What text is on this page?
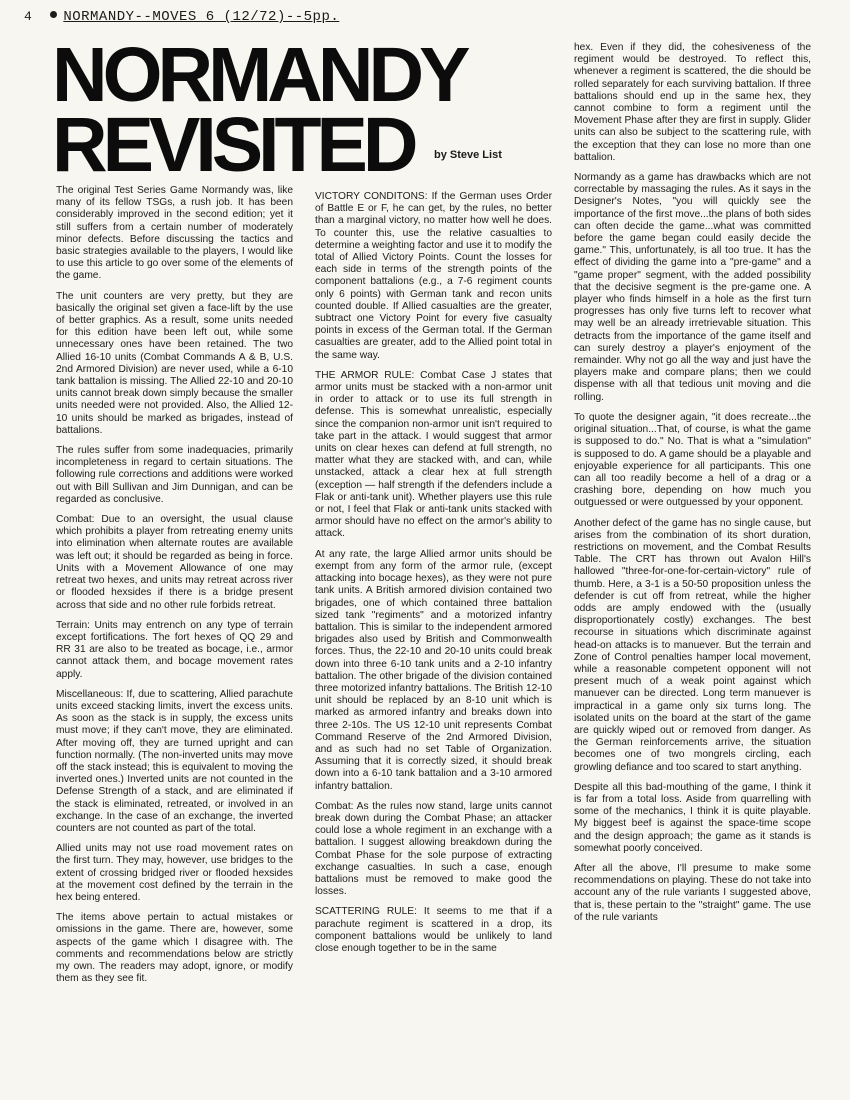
4 NORMANDY--MOVES 6 (12/72)--5pp.
NORMANDY
REVISITED	by Steve List

The original Test Series Game Normandy was, like many of its fellow TSGs, a rush job. It has been considerably improved in the second edition; yet it still suffers from a certain number of moderately minor defects. Before discussing the tactics and basic strategies available to the players, I would like to use this article to go over some of the elements of the game.

The unit counters are very pretty, but they are basically the original set given a face-lift by the use of better graphics. As a result, some units needed for this edition have been left out, while some unnecessary ones have been retained. The two Allied 16-10 units (Combat Commands A & B, U.S. 2nd Armored Division) are never used, while a 6-10 tank battalion is missing. The Allied 22-10 and 20-10 units cannot break down simply because the smaller units needed were not provided. Also, the Allied 12-10 units should be marked as brigades, instead of battalions.

The rules suffer from some inadequacies, primarily incompleteness in regard to certain situations. The following rule corrections and additions were worked out with Bill Sullivan and Jim Dunnigan, and can be regarded as conclusive.

Combat: Due to an oversight, the usual clause which prohibits a player from retreating enemy units into elimination when alternate routes are available was left out; it should be regarded as being in force. Units with a Movement Allowance of one may retreat two hexes, and units may retreat across river or flooded hexsides if there is a bridge present across that side and no other rule forbids retreat.

Terrain: Units may entrench on any type of terrain except fortifications. The fort hexes of QQ 29 and RR 31 are also to be treated as bocage, i.e., armor cannot attack them, and bocage movement rates apply.

Miscellaneous: If, due to scattering, Allied parachute units exceed stacking limits, invert the excess units. As soon as the stack is in supply, the excess units must move; if they can't move, they are eliminated. After moving off, they are turned upright and can function normally. (The non-inverted units may move off the stack instead; this is equivalent to moving the inverted ones.) Inverted units are not counted in the Defense Strength of a stack, and are eliminated if the stack is eliminated, retreated, or involved in an exchange. In the case of an exchange, the inverted counters are not counted as part of the total.

Allied units may not use road movement rates on the first turn. They may, however, use bridges to the extent of crossing bridged river or flooded hexsides at the movement cost defined by the terrain in the hex being entered.

The items above pertain to actual mistakes or omissions in the game. There are, however, some aspects of the game which I disagree with. The comments and recommendations below are strictly my own. The readers may adopt, ignore, or modify them as they see fit.

VICTORY CONDITONS: If the German uses Order of Battle E or F, he can get, by the rules, no better than a marginal victory, no matter how well he does. To counter this, use the relative casualties to determine a weighting factor and use it to modify the total of Allied Victory Points. Count the losses for each side in terms of the strength points of the component battalions (e.g., a 7-6 regiment counts only 6 points) with German tank and recon units counted double. If Allied casualties are the greater, subtract one Victory Point for every five casualty points in excess of the German total. If the German casualties are greater, add to the Allied point total in the same way.

THE ARMOR RULE: Combat Case J states that armor units must be stacked with a non-armor unit in order to attack or to use its full strength in defense. This is somewhat unrealistic, especially since the companion non-armor unit isn't required to take part in the attack. I would suggest that armor units on clear hexes can defend at full strength, no matter what they are stacked with, and can, while unstacked, attack a clear hex at full strength (exception — half strength if the defenders include a Flak or anti-tank unit). Whether players use this rule or not, I feel that Flak or anti-tank units stacked with armor should have no effect on the armor's ability to attack.

At any rate, the large Allied armor units should be exempt from any form of the armor rule, (except attacking into bocage hexes), as they were not pure tank units. A British armored division contained two brigades, one of which contained three battalion sized tank "regiments" and a motorized infantry battalion. This is similar to the independent armored brigades also used by British and Commonwealth forces. Thus, the 22-10 and 20-10 units could break down into three 6-10 tank units and a 2-10 infantry battalion. The other brigade of the division contained three motorized infantry battalions. The British 12-10 unit should be replaced by an 8-10 unit which is marked as armored infantry and breaks down into three 2-10s. The US 12-10 unit represents Combat Command Reserve of the 2nd Armored Division, and as such had no set Table of Organization. Assuming that it is correctly sized, it should break down into a 6-10 tank battalion and a 3-10 armored infantry battalion.

Combat: As the rules now stand, large units cannot break down during the Combat Phase; an attacker could lose a whole regiment in an exchange with a battalion. I suggest allowing breakdown during the Combat Phase for the sole purpose of extracting exchange casualties. In such a case, enough battalions must be removed to make good the losses.

SCATTERING RULE: It seems to me that if a parachute regiment is scattered in a drop, its component battalions would be unlikely to land close enough together to be in the same

hex. Even if they did, the cohesiveness of the regiment would be destroyed. To reflect this, whenever a regiment is scattered, the die should be rolled separately for each surviving battalion. If three battalions should end up in the same hex, they cannot combine to form a regiment until the Movement Phase after they are first in supply. Glider units can also be subject to the scattering rule, with the exception that they can lose no more than one battalion.

Normandy as a game has drawbacks which are not correctable by massaging the rules. As it says in the Designer's Notes, "you will quickly see the importance of the first move...the plans of both sides can often decide the game...what was committed before the game began could easily decide the game." This, unfortunately, is all too true. It has the effect of dividing the game into a "pre-game" and a "game proper" segment, with the added possibility that the decisive segment is the pre-game one. A player who finds himself in a hole as the first turn progresses has only five turns left to recover what may well be an already irretrievable situation. This detracts from the importance of the game itself and can surely destroy a player's enjoyment of the remainder. Why not go all the way and just have the players make and compare plans; then we could dispense with all that tedious unit moving and die rolling.

To quote the designer again, "it does recreate...the original situation...That, of course, is what the game is supposed to do." No. That is what a "simulation" is supposed to do. A game should be a playable and enjoyable experience for all participants. This one can all too readily become a hell of a drag or a crashing bore, depending on how much you outguessed or were outguessed by your opponent.

Another defect of the game has no single cause, but arises from the combination of its short duration, restrictions on movement, and the Combat Results Table. The CRT has thrown out Avalon Hill's hallowed "three-for-one-for-certain-victory" rule of thumb. Here, a 3-1 is a 50-50 proposition unless the defender is cut off from retreat, while the higher odds are amply endowed with the (usually disproportionately costly) exchanges. The best recourse in situations which discriminate against head-on attacks is to manuever. But the terrain and Zone of Control penalties hamper local movement, while a reasonable competent opponent will not present much of a weak point against which manuever can be directed. Long term manuever is impractical in a game only six turns long. The isolated units on the board at the start of the game are quickly wiped out or removed from danger. As the German reinforcements arrive, the situation becomes one of two mongrels circling, each growling defiance and too scared to start anything.

Despite all this bad-mouthing of the game, I think it is far from a total loss. Aside from quarrelling with some of the mechanics, I think it is quite playable. My biggest beef is against the space-time scope and the design approach; the game as it stands is somewhat poorly conceived.

After all the above, I'll presume to make some recommendations on playing. These do not take into account any of the rule variants I suggested above, that is, these pertain to the "straight" game. The use of the rule variants
